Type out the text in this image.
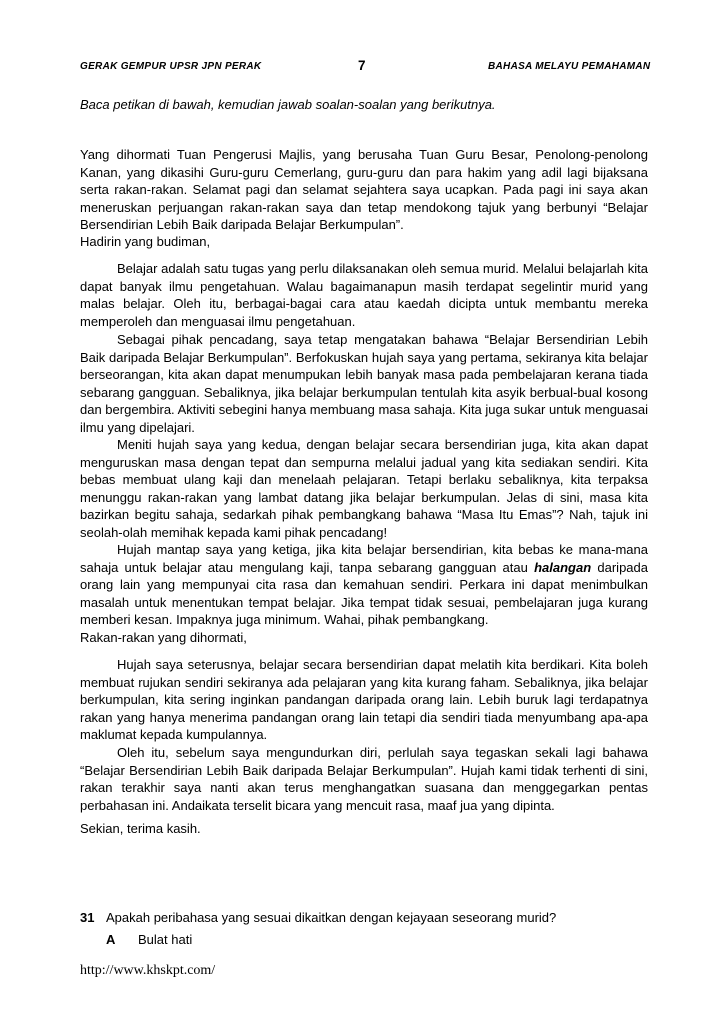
GERAK GEMPUR UPSR JPN PERAK	7	BAHASA MELAYU PEMAHAMAN
Baca petikan di bawah, kemudian jawab soalan-soalan yang berikutnya.
Yang dihormati Tuan Pengerusi Majlis, yang berusaha Tuan Guru Besar, Penolong-penolong Kanan, yang dikasihi Guru-guru Cemerlang, guru-guru dan para hakim yang adil lagi bijaksana serta rakan-rakan. Selamat pagi dan selamat sejahtera saya ucapkan. Pada pagi ini saya akan meneruskan perjuangan rakan-rakan saya dan tetap mendokong tajuk yang berbunyi “Belajar Bersendirian Lebih Baik daripada Belajar Berkumpulan”.
Hadirin yang budiman,
Belajar adalah satu tugas yang perlu dilaksanakan oleh semua murid. Melalui belajarlah kita dapat banyak ilmu pengetahuan. Walau bagaimanapun masih terdapat segelintir murid yang malas belajar. Oleh itu, berbagai-bagai cara atau kaedah dicipta untuk membantu mereka memperoleh dan menguasai ilmu pengetahuan.
Sebagai pihak pencadang, saya tetap mengatakan bahawa “Belajar Bersendirian Lebih Baik daripada Belajar Berkumpulan”. Berfokuskan hujah saya yang pertama, sekiranya kita belajar berseorangan, kita akan dapat menumpukan lebih banyak masa pada pembelajaran kerana tiada sebarang gangguan. Sebaliknya, jika belajar berkumpulan tentulah kita asyik berbual-bual kosong dan bergembira. Aktiviti sebegini hanya membuang masa sahaja. Kita juga sukar untuk menguasai ilmu yang dipelajari.
Meniti hujah saya yang kedua, dengan belajar secara bersendirian juga, kita akan dapat menguruskan masa dengan tepat dan sempurna melalui jadual yang kita sediakan sendiri. Kita bebas membuat ulang kaji dan menelaah pelajaran. Tetapi berlaku sebaliknya, kita terpaksa menunggu rakan-rakan yang lambat datang jika belajar berkumpulan. Jelas di sini, masa kita bazirkan begitu sahaja, sedarkah pihak pembangkang bahawa “Masa Itu Emas”? Nah, tajuk ini seolah-olah memihak kepada kami pihak pencadang!
Hujah mantap saya yang ketiga, jika kita belajar bersendirian, kita bebas ke mana-mana sahaja untuk belajar atau mengulang kaji, tanpa sebarang gangguan atau halangan daripada orang lain yang mempunyai cita rasa dan kemahuan sendiri. Perkara ini dapat menimbulkan masalah untuk menentukan tempat belajar. Jika tempat tidak sesuai, pembelajaran juga kurang memberi kesan. Impaknya juga minimum. Wahai, pihak pembangkang.
Rakan-rakan yang dihormati,
Hujah saya seterusnya, belajar secara bersendirian dapat melatih kita berdikari. Kita boleh membuat rujukan sendiri sekiranya ada pelajaran yang kita kurang faham. Sebaliknya, jika belajar berkumpulan, kita sering inginkan pandangan daripada orang lain. Lebih buruk lagi terdapatnya rakan yang hanya menerima pandangan orang lain tetapi dia sendiri tiada menyumbang apa-apa maklumat kepada kumpulannya.
Oleh itu, sebelum saya mengundurkan diri, perlulah saya tegaskan sekali lagi bahawa “Belajar Bersendirian Lebih Baik daripada Belajar Berkumpulan”. Hujah kami tidak terhenti di sini, rakan terakhir saya nanti akan terus menghangatkan suasana dan menggegarkan pentas perbahasan ini. Andaikata terselit bicara yang mencuit rasa, maaf jua yang dipinta.
Sekian, terima kasih.
31 Apakah peribahasa yang sesuai dikaitkan dengan kejayaan seseorang murid?
A Bulat hati
http://www.khskpt.com/
